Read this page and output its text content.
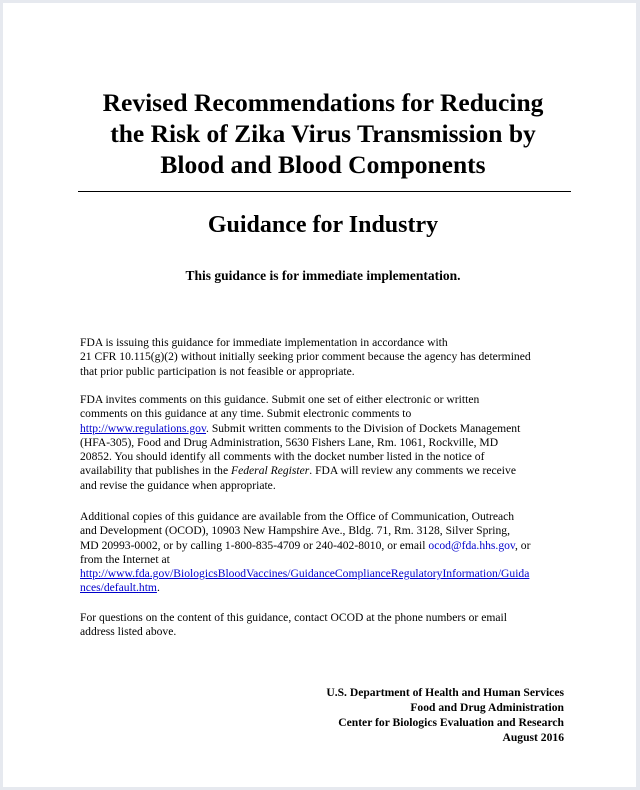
Revised Recommendations for Reducing
the Risk of Zika Virus Transmission by
Blood and Blood Components
Guidance for Industry
This guidance is for immediate implementation.
FDA is issuing this guidance for immediate implementation in accordance with
21 CFR 10.115(g)(2) without initially seeking prior comment because the agency has determined
that prior public participation is not feasible or appropriate.
FDA invites comments on this guidance. Submit one set of either electronic or written
comments on this guidance at any time. Submit electronic comments to
http://www.regulations.gov. Submit written comments to the Division of Dockets Management
(HFA-305), Food and Drug Administration, 5630 Fishers Lane, Rm. 1061, Rockville, MD
20852. You should identify all comments with the docket number listed in the notice of
availability that publishes in the Federal Register. FDA will review any comments we receive
and revise the guidance when appropriate.
Additional copies of this guidance are available from the Office of Communication, Outreach
and Development (OCOD), 10903 New Hampshire Ave., Bldg. 71, Rm. 3128, Silver Spring,
MD 20993-0002, or by calling 1-800-835-4709 or 240-402-8010, or email ocod@fda.hhs.gov, or
from the Internet at
http://www.fda.gov/BiologicsBloodVaccines/GuidanceComplianceRegulatoryInformation/Guida
nces/default.htm.
For questions on the content of this guidance, contact OCOD at the phone numbers or email
address listed above.
U.S. Department of Health and Human Services
Food and Drug Administration
Center for Biologics Evaluation and Research
August 2016
